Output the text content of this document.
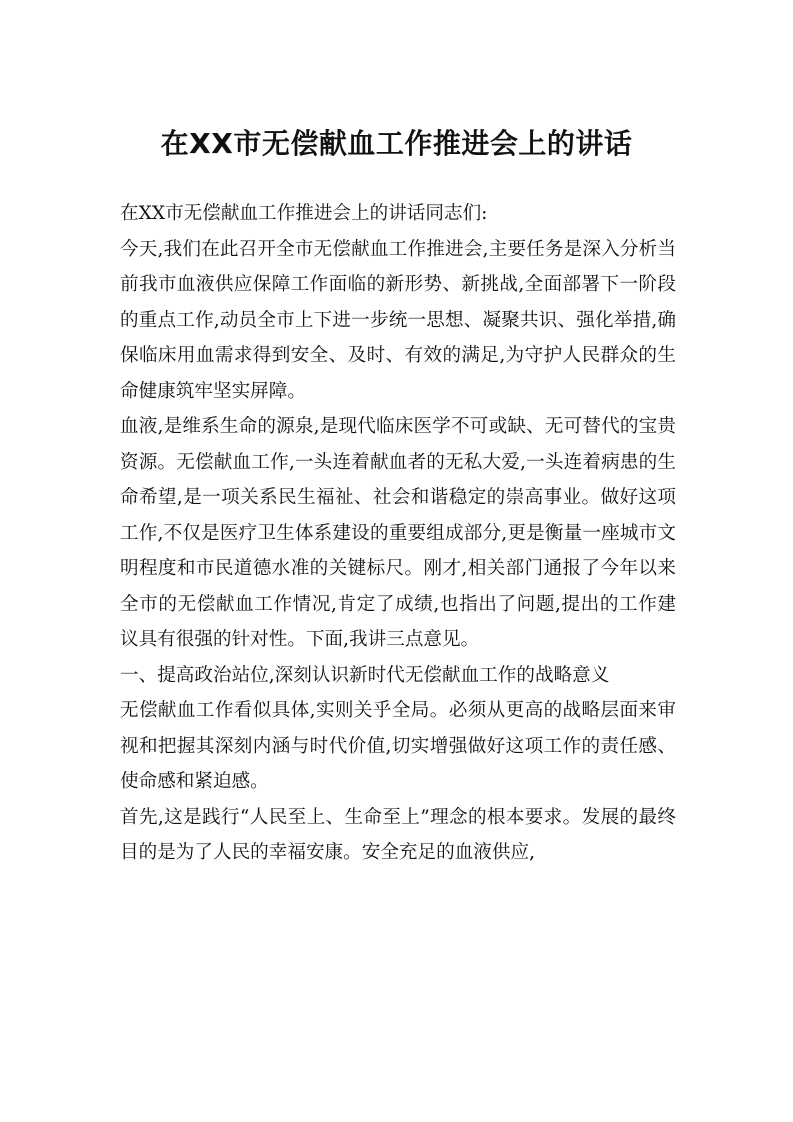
在XX市无偿献血工作推进会上的讲话

在XX市无偿献血工作推进会上的讲话同志们:

今天,我们在此召开全市无偿献血工作推进会,主要任务是深入分析当前我市血液供应保障工作面临的新形势、新挑战,全面部署下一阶段的重点工作,动员全市上下进一步统一思想、凝聚共识、强化举措,确保临床用血需求得到安全、及时、有效的满足,为守护人民群众的生命健康筑牢坚实屏障。

血液,是维系生命的源泉,是现代临床医学不可或缺、无可替代的宝贵资源。无偿献血工作,一头连着献血者的无私大爱,一头连着病患的生命希望,是一项关系民生福祉、社会和谐稳定的崇高事业。做好这项工作,不仅是医疗卫生体系建设的重要组成部分,更是衡量一座城市文明程度和市民道德水准的关键标尺。刚才,相关部门通报了今年以来全市的无偿献血工作情况,肯定了成绩,也指出了问题,提出的工作建议具有很强的针对性。下面,我讲三点意见。

一、提高政治站位,深刻认识新时代无偿献血工作的战略意义

无偿献血工作看似具体,实则关乎全局。必须从更高的战略层面来审视和把握其深刻内涵与时代价值,切实增强做好这项工作的责任感、使命感和紧迫感。

首先,这是践行“人民至上、生命至上”理念的根本要求。发展的最终目的是为了人民的幸福安康。安全充足的血液供应,
